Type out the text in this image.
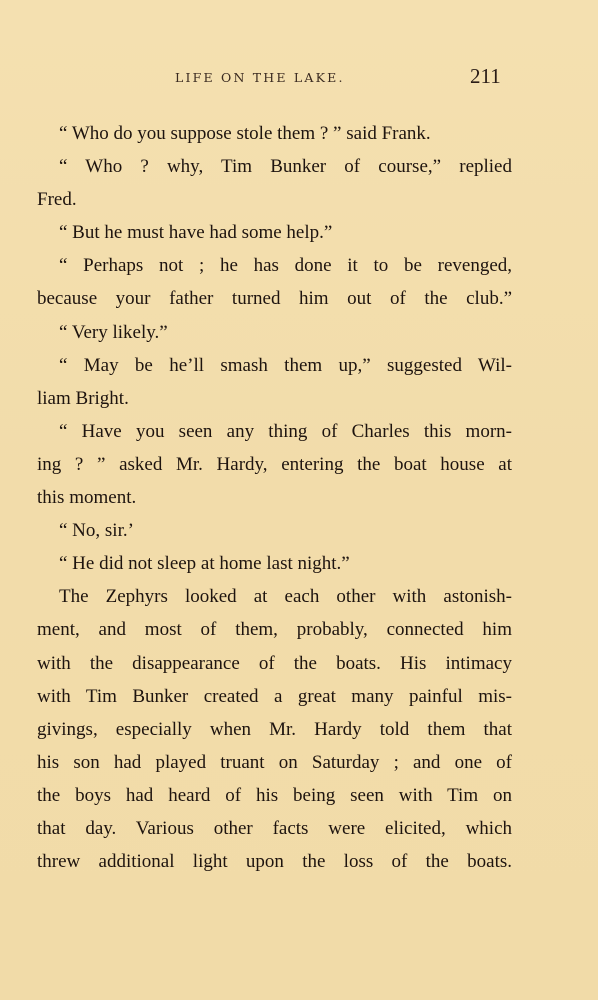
LIFE ON THE LAKE.	211
“ Who do you suppose stole them ? ” said Frank.
“ Who ? why, Tim Bunker of course,” replied
Fred.
“ But he must have had some help.”
“ Perhaps not ; he has done it to be revenged,
because your father turned him out of the club.”
“ Very likely.”
“ May be he’ll smash them up,” suggested Wil-
liam Bright.
“ Have you seen any thing of Charles this morn-
ing ? ” asked Mr. Hardy, entering the boat house at
this moment.
“ No, sir.’
“ He did not sleep at home last night.”
The Zephyrs looked at each other with astonish-
ment, and most of them, probably, connected him
with the disappearance of the boats. His intimacy
with Tim Bunker created a great many painful mis-
givings, especially when Mr. Hardy told them that
his son had played truant on Saturday ; and one of
the boys had heard of his being seen with Tim on
that day. Various other facts were elicited, which
threw additional light upon the loss of the boats.
